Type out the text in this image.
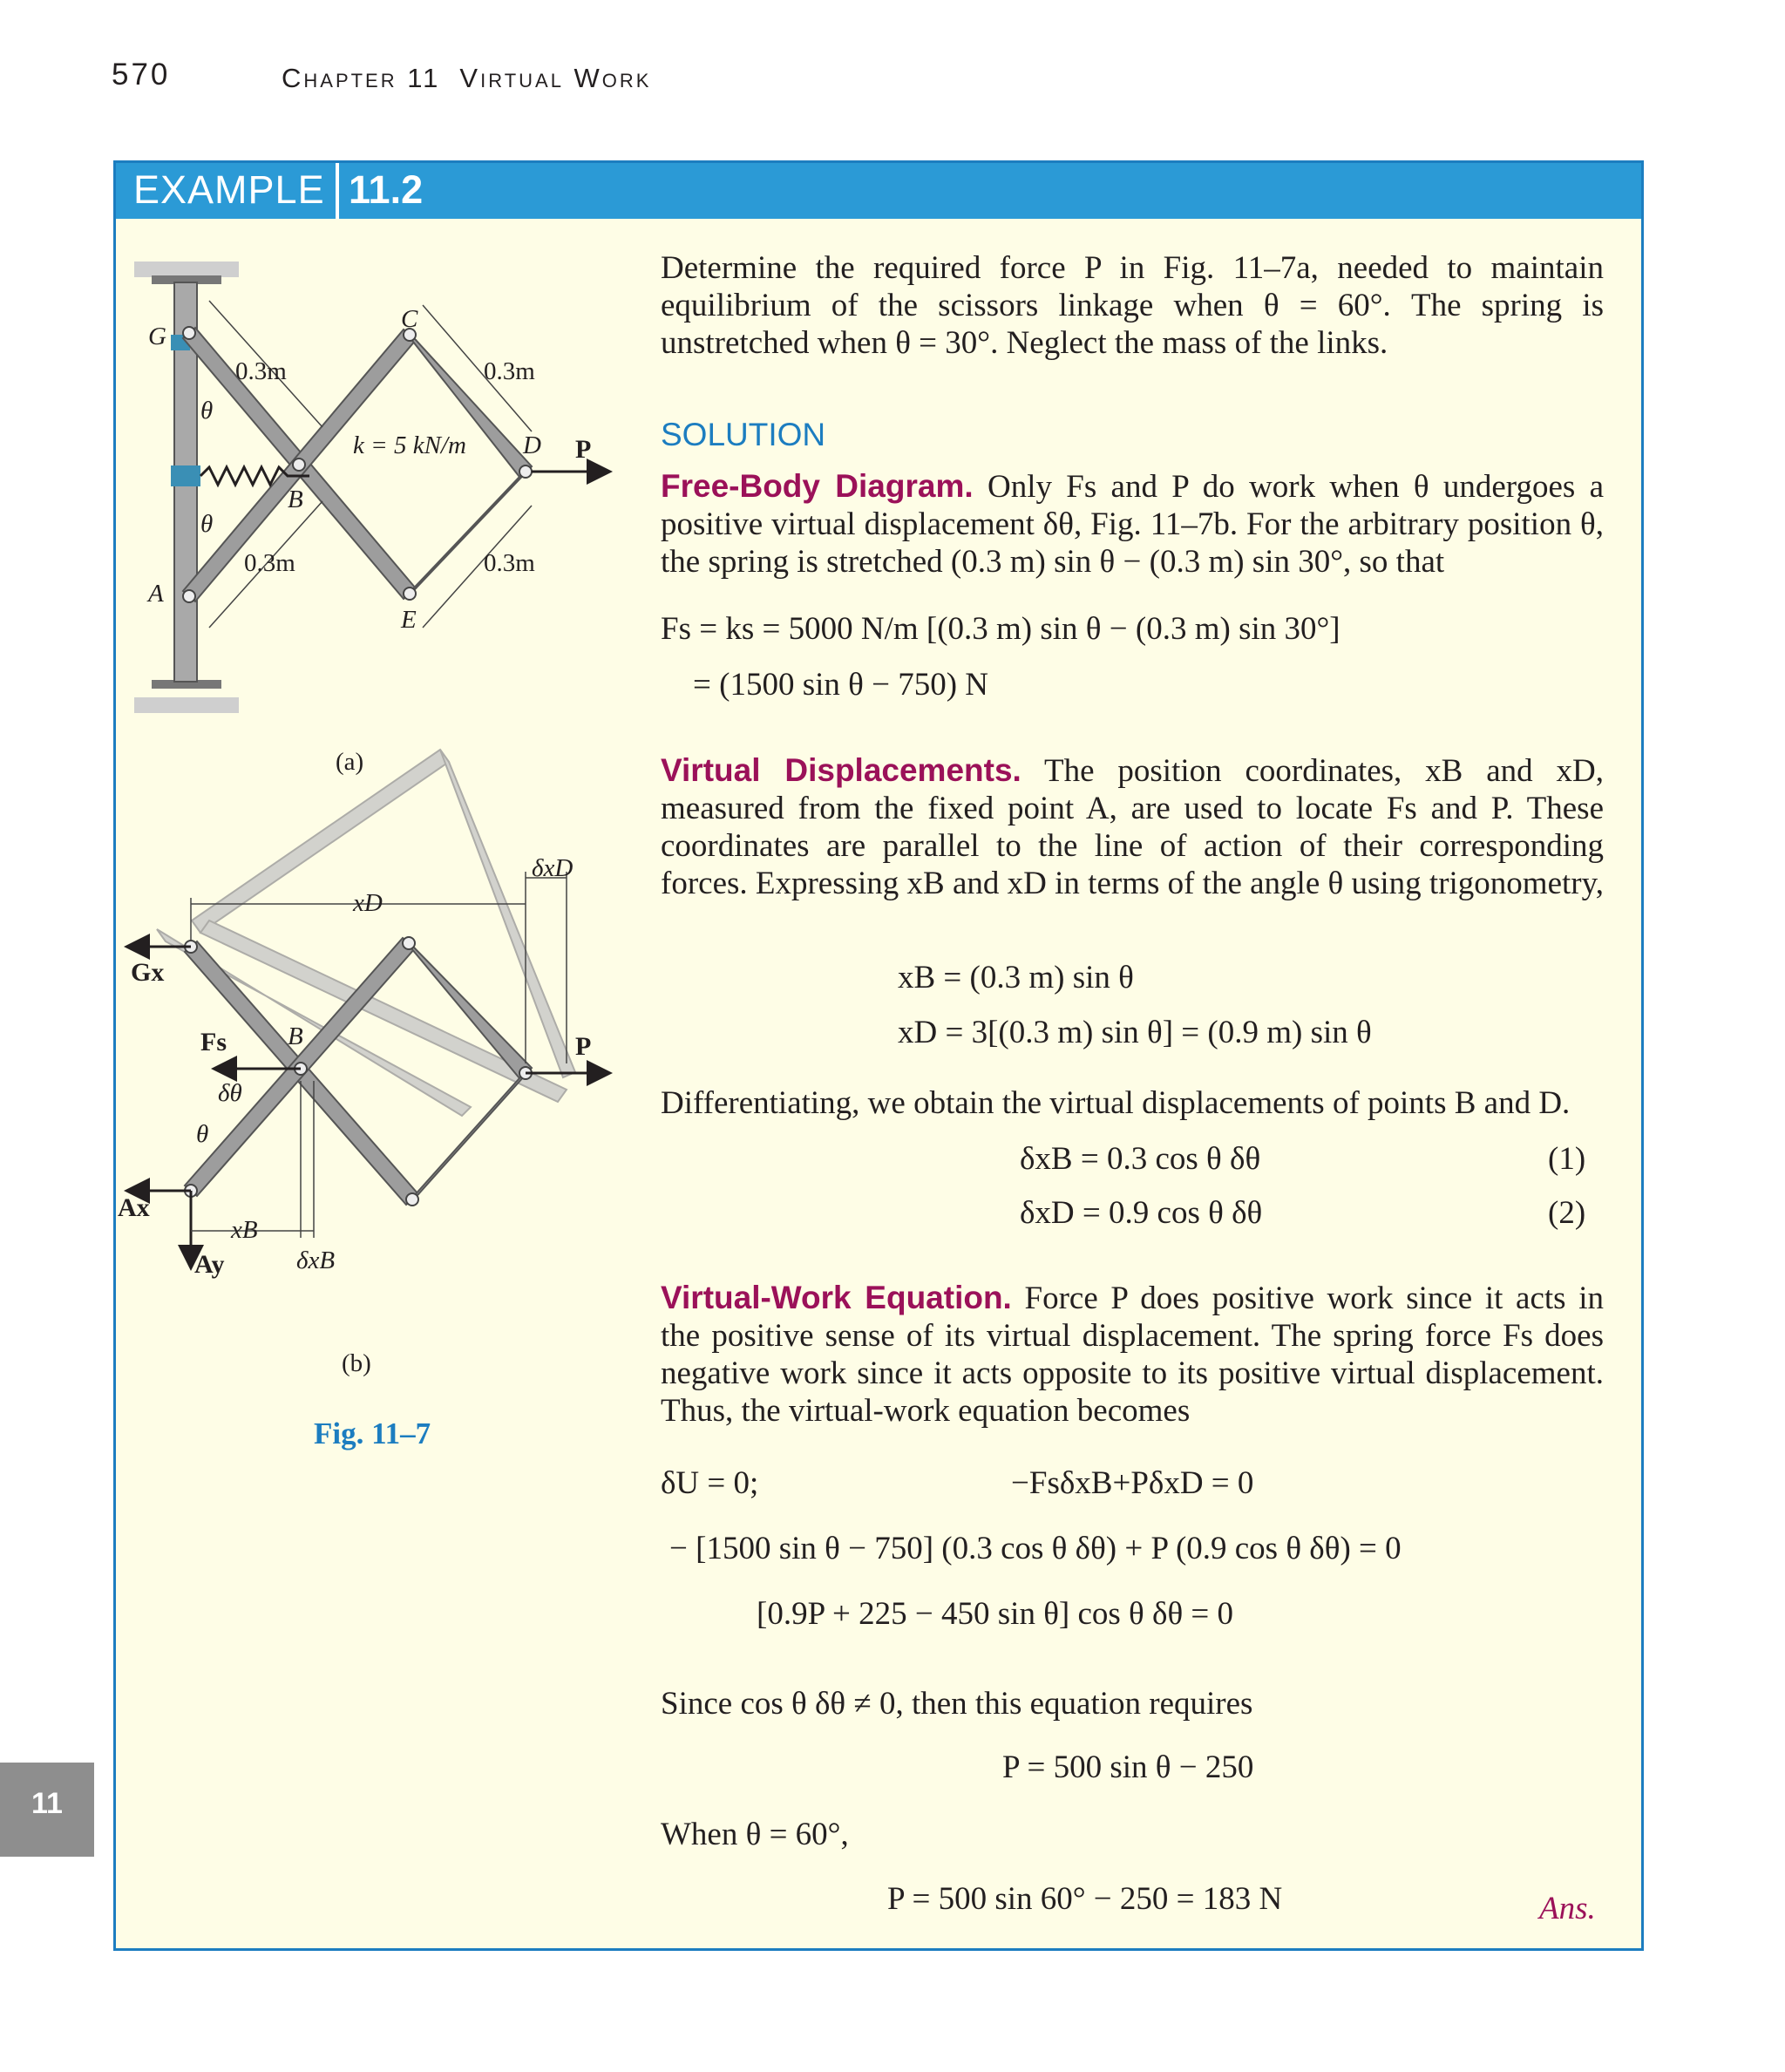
570	Chapter 11 Virtual Work
11
EXAMPLE 11.2
C
G
0.3m	0.3m
θ
k = 5 kN/m D P
B
θ
0.3m	0.3m
A
E
(a)
δxD
xD
Gx
Fs B	P
δθ
θ
Ax
xB
Ay	δxB
(b)
Fig. 11–7
Determine the required force P in Fig. 11–7a, needed to maintain equilibrium of the scissors linkage when θ = 60°. The spring is unstretched when θ = 30°. Neglect the mass of the links.
SOLUTION
Free-Body Diagram. Only Fs and P do work when θ undergoes a positive virtual displacement δθ, Fig. 11–7b. For the arbitrary position θ, the spring is stretched (0.3 m) sin θ − (0.3 m) sin 30°, so that
Fs = ks = 5000 N/m [(0.3 m) sin θ − (0.3 m) sin 30°]
= (1500 sin θ − 750) N
Virtual Displacements. The position coordinates, xB and xD, measured from the fixed point A, are used to locate Fs and P. These coordinates are parallel to the line of action of their corresponding forces. Expressing xB and xD in terms of the angle θ using trigonometry,
xB = (0.3 m) sin θ
xD = 3[(0.3 m) sin θ] = (0.9 m) sin θ
Differentiating, we obtain the virtual displacements of points B and D.
δxB = 0.3 cos θ δθ	(1)
δxD = 0.9 cos θ δθ	(2)
Virtual-Work Equation. Force P does positive work since it acts in the positive sense of its virtual displacement. The spring force Fs does negative work since it acts opposite to its positive virtual displacement. Thus, the virtual-work equation becomes
δU = 0;	−FsδxB+PδxD = 0
− [1500 sin θ − 750] (0.3 cos θ δθ) + P (0.9 cos θ δθ) = 0
[0.9P + 225 − 450 sin θ] cos θ δθ = 0
Since cos θ δθ ≠ 0, then this equation requires
P = 500 sin θ − 250
When θ = 60°,
P = 500 sin 60° − 250 = 183 N	Ans.
